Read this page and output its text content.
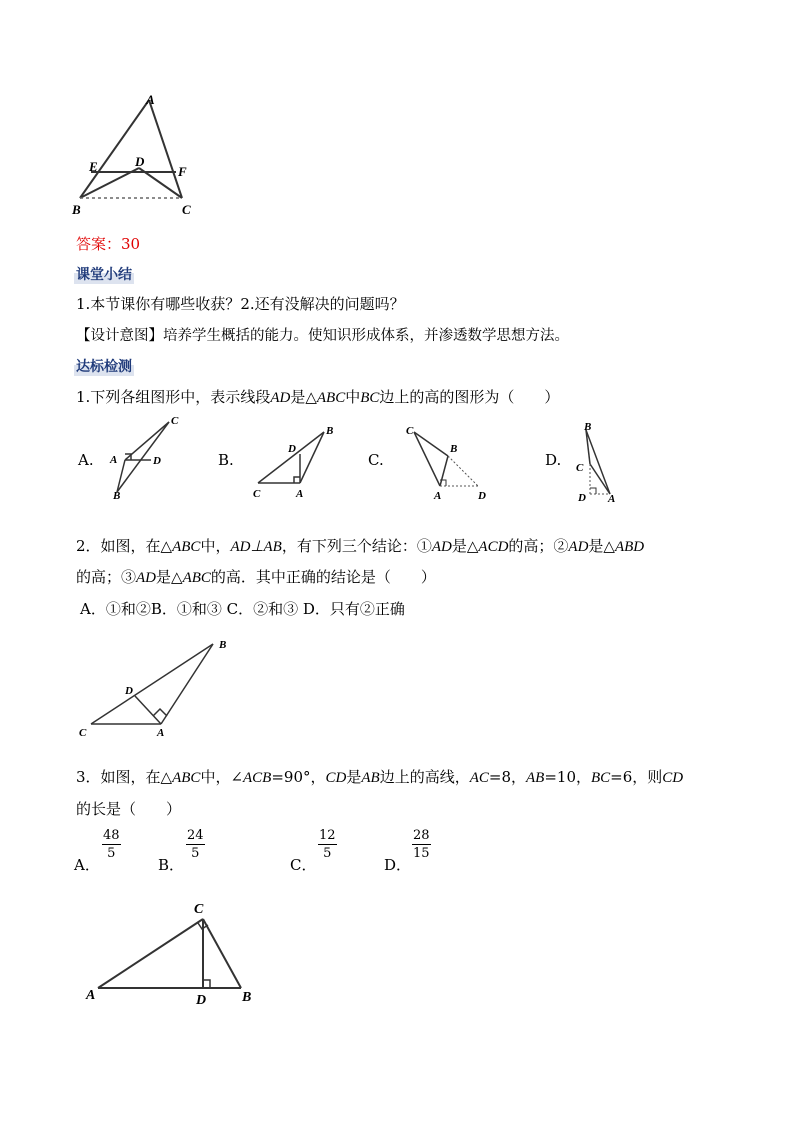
A
B	C
D
E	F
答案：30
课堂小结
1.本节课你有哪些收获？2.还有没解决的问题吗？
【设计意图】培养学生概括的能力。使知识形成体系，并渗透数学思想方法。
达标检测
1.下列各组图形中，表示线段AD是△ABC中BC边上的高的图形为（　　）
A.
C
A	D
B
B.
B
D
C	A
C.
C
B
A	D
D.
B
C
D A
2．如图，在△ABC中，AD⊥AB，有下列三个结论：①AD是△ACD的高；②AD是△ABD
的高；③AD是△ABC的高．其中正确的结论是（　　）
A．①和②B．①和③ C．②和③ D．只有②正确
B
D
C	A
3．如图，在△ABC中，∠ACB=90°，CD是AB边上的高线，AC=8，AB=10，BC=6，则CD
的长是（　　）
A．
$\frac{48}{5}$
B．
$\frac{24}{5}$
C．
$\frac{12}{5}$
D．
$\frac{28}{15}$
C
A	D	B
